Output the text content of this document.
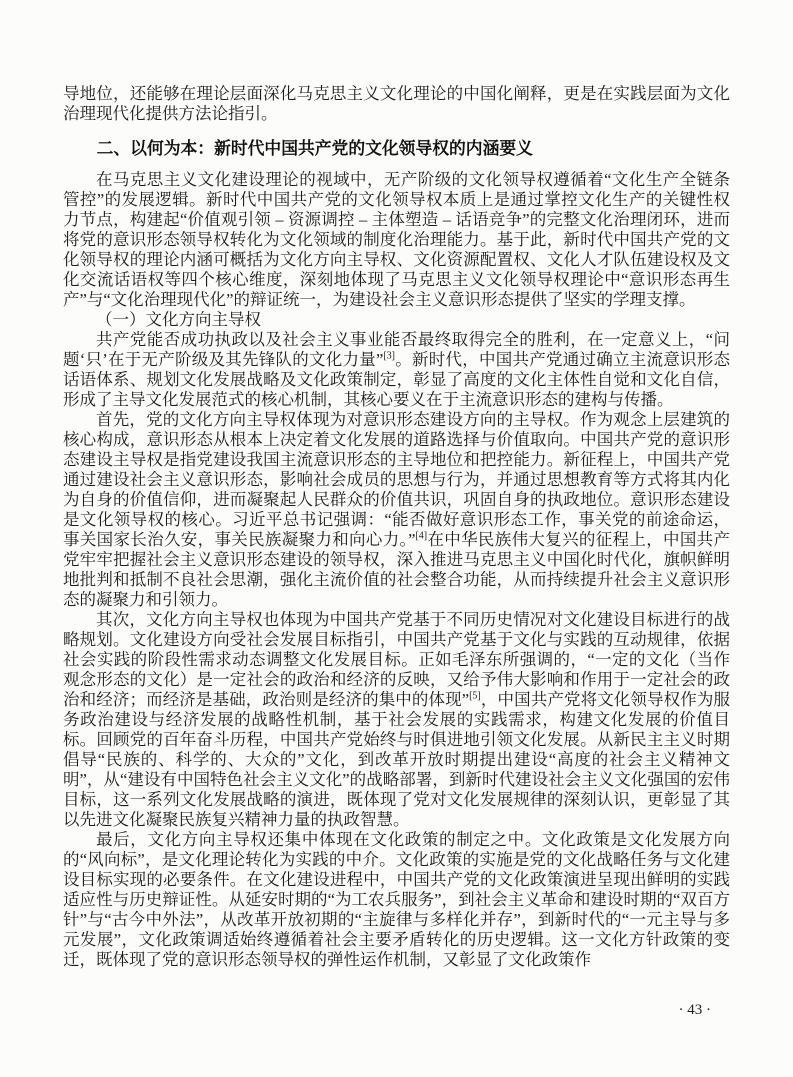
导地位，还能够在理论层面深化马克思主义文化理论的中国化阐释，更是在实践层面为文化治理现代化提供方法论指引。

二、以何为本：新时代中国共产党的文化领导权的内涵要义

在马克思主义文化建设理论的视域中，无产阶级的文化领导权遵循着“文化生产全链条管控”的发展逻辑。新时代中国共产党的文化领导权本质上是通过掌控文化生产的关键性权力节点，构建起“价值观引领 – 资源调控 – 主体塑造 – 话语竞争”的完整文化治理闭环，进而将党的意识形态领导权转化为文化领域的制度化治理能力。基于此，新时代中国共产党的文化领导权的理论内涵可概括为文化方向主导权、文化资源配置权、文化人才队伍建设权及文化交流话语权等四个核心维度，深刻地体现了马克思主义文化领导权理论中“意识形态再生产”与“文化治理现代化”的辩证统一，为建设社会主义意识形态提供了坚实的学理支撑。

（一）文化方向主导权

共产党能否成功执政以及社会主义事业能否最终取得完全的胜利，在一定意义上，“问题‘只’在于无产阶级及其先锋队的文化力量”[3]。新时代，中国共产党通过确立主流意识形态话语体系、规划文化发展战略及文化政策制定，彰显了高度的文化主体性自觉和文化自信，形成了主导文化发展范式的核心机制，其核心要义在于主流意识形态的建构与传播。

首先，党的文化方向主导权体现为对意识形态建设方向的主导权。作为观念上层建筑的核心构成，意识形态从根本上决定着文化发展的道路选择与价值取向。中国共产党的意识形态建设主导权是指党建设我国主流意识形态的主导地位和把控能力。新征程上，中国共产党通过建设社会主义意识形态，影响社会成员的思想与行为，并通过思想教育等方式将其内化为自身的价值信仰，进而凝聚起人民群众的价值共识，巩固自身的执政地位。意识形态建设是文化领导权的核心。习近平总书记强调：“能否做好意识形态工作，事关党的前途命运，事关国家长治久安，事关民族凝聚力和向心力。”[4]在中华民族伟大复兴的征程上，中国共产党牢牢把握社会主义意识形态建设的领导权，深入推进马克思主义中国化时代化，旗帜鲜明地批判和抵制不良社会思潮，强化主流价值的社会整合功能，从而持续提升社会主义意识形态的凝聚力和引领力。

其次，文化方向主导权也体现为中国共产党基于不同历史情况对文化建设目标进行的战略规划。文化建设方向受社会发展目标指引，中国共产党基于文化与实践的互动规律，依据社会实践的阶段性需求动态调整文化发展目标。正如毛泽东所强调的，“一定的文化（当作观念形态的文化）是一定社会的政治和经济的反映，又给予伟大影响和作用于一定社会的政治和经济；而经济是基础，政治则是经济的集中的体现”[5]，中国共产党将文化领导权作为服务政治建设与经济发展的战略性机制，基于社会发展的实践需求，构建文化发展的价值目标。回顾党的百年奋斗历程，中国共产党始终与时俱进地引领文化发展。从新民主主义时期倡导“民族的、科学的、大众的”文化，到改革开放时期提出建设“高度的社会主义精神文明”，从“建设有中国特色社会主义文化”的战略部署，到新时代建设社会主义文化强国的宏伟目标，这一系列文化发展战略的演进，既体现了党对文化发展规律的深刻认识，更彰显了其以先进文化凝聚民族复兴精神力量的执政智慧。

最后，文化方向主导权还集中体现在文化政策的制定之中。文化政策是文化发展方向的“风向标”，是文化理论转化为实践的中介。文化政策的实施是党的文化战略任务与文化建设目标实现的必要条件。在文化建设进程中，中国共产党的文化政策演进呈现出鲜明的实践适应性与历史辩证性。从延安时期的“为工农兵服务”，到社会主义革命和建设时期的“双百方针”与“古今中外法”，从改革开放初期的“主旋律与多样化并存”，到新时代的“一元主导与多元发展”，文化政策调适始终遵循着社会主要矛盾转化的历史逻辑。这一文化方针政策的变迁，既体现了党的意识形态领导权的弹性运作机制，又彰显了文化政策作

· 43 ·
